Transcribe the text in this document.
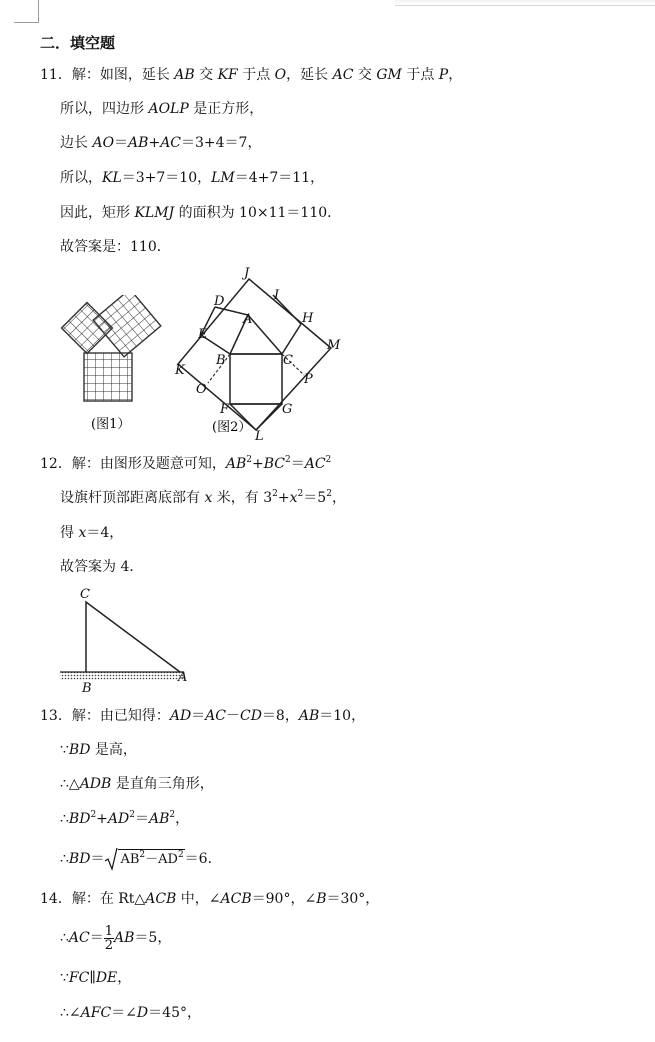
二．填空题
11．解：如图，延长 AB 交 KF 于点 O，延长 AC 交 GM 于点 P，
所以，四边形 AOLP 是正方形，
边长 AO＝AB+AC＝3+4＝7，
所以，KL＝3+7＝10，LM＝4+7＝11，
因此，矩形 KLMJ 的面积为 10×11＝110．
故答案是：110．
(图1）
J
I
D
A	H
E
M
B	C
K
O
P
F	G
L
(图2）
12．解：由图形及题意可知，$AB^2+BC^2=AC^2$
设旗杆顶部距离底部有 x 米，有 $3^2+x^2=5^2$，
得 x＝4，
故答案为 4．
C
B
A
13．解：由已知得：AD＝AC－CD＝8，AB＝10，
∵BD 是高，
∴△ADB 是直角三角形，
$\therefore BD^2+AD^2=AB^2$，
∴BD＝ $AB^2-AD^2=6$．
14．解：在 Rt△ACB 中，∠ACB＝90°，∠B＝30°，
∴AC＝ $\frac{1}{2} AB=5$，
∵FC∥DE，
∴∠AFC＝∠D＝45°，
